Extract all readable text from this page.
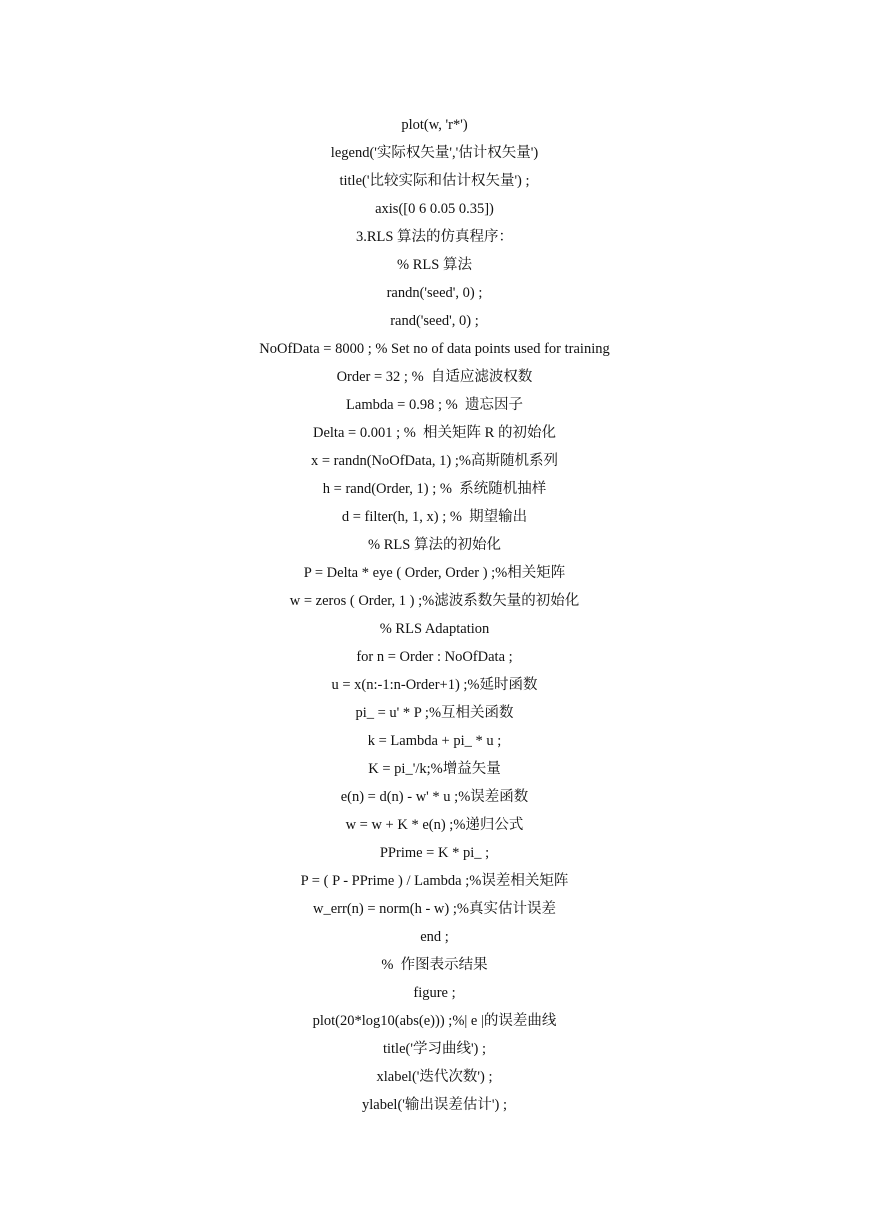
plot(w, 'r*')
legend('实际权矢量','估计权矢量')
title('比较实际和估计权矢量') ;
axis([0 6 0.05 0.35])
3.RLS 算法的仿真程序：
% RLS 算法
randn('seed', 0) ;
rand('seed', 0) ;
NoOfData = 8000 ; % Set no of data points used for training
Order = 32 ; %  自适应滤波权数
Lambda = 0.98 ; %  遗忘因子
Delta = 0.001 ; %  相关矩阵 R 的初始化
x = randn(NoOfData, 1) ;%高斯随机系列
h = rand(Order, 1) ; %  系统随机抽样
d = filter(h, 1, x) ; %  期望输出
% RLS 算法的初始化
P = Delta * eye ( Order, Order ) ;%相关矩阵
w = zeros ( Order, 1 ) ;%滤波系数矢量的初始化
% RLS Adaptation
for n = Order : NoOfData ;
u = x(n:-1:n-Order+1) ;%延时函数
pi_ = u' * P ;%互相关函数
k = Lambda + pi_ * u ;
K = pi_'/k;%增益矢量
e(n) = d(n) - w' * u ;%误差函数
w = w + K * e(n) ;%递归公式
PPrime = K * pi_ ;
P = ( P - PPrime ) / Lambda ;%误差相关矩阵
w_err(n) = norm(h - w) ;%真实估计误差
end ;
%  作图表示结果
figure ;
plot(20*log10(abs(e))) ;%| e |的误差曲线
title('学习曲线') ;
xlabel('迭代次数') ;
ylabel('输出误差估计') ;
